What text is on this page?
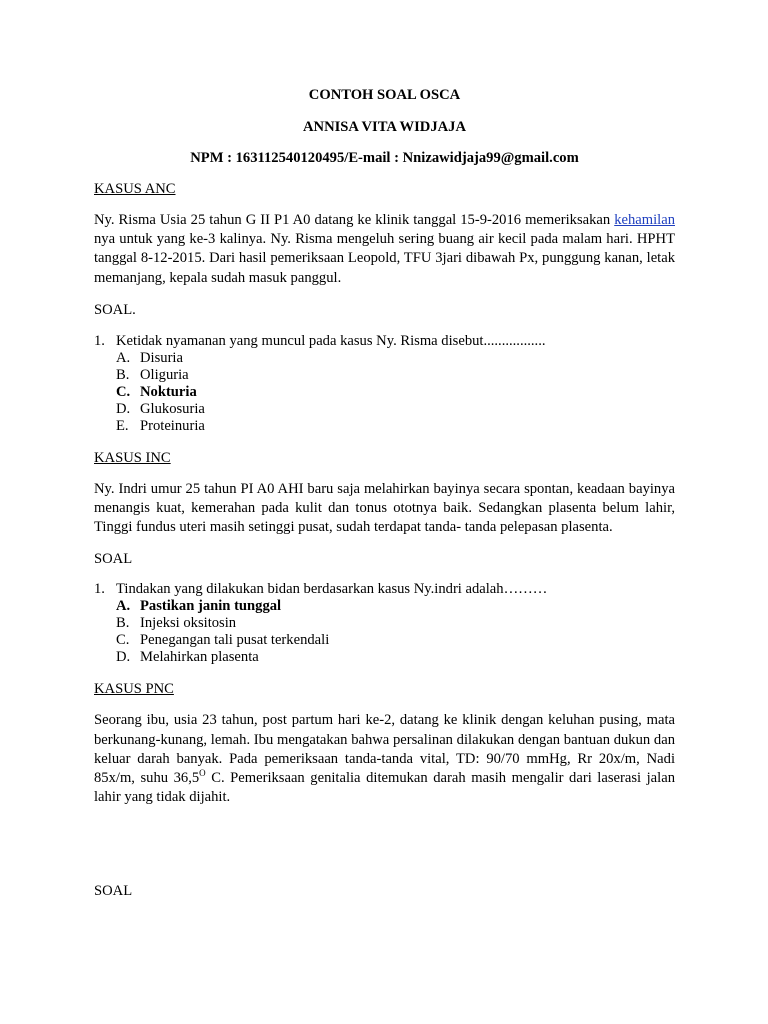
CONTOH SOAL OSCA
ANNISA VITA WIDJAJA
NPM : 163112540120495/E-mail : Nnizawidjaja99@gmail.com
KASUS ANC

Ny. Risma Usia 25 tahun G II P1 A0 datang ke klinik tanggal 15-9-2016 memeriksakan kehamilan nya untuk yang ke-3 kalinya. Ny. Risma mengeluh sering buang air kecil pada malam hari. HPHT tanggal 8-12-2015. Dari hasil pemeriksaan Leopold, TFU 3jari dibawah Px, punggung kanan, letak memanjang, kepala sudah masuk panggul.

SOAL.
1. Ketidak nyamanan yang muncul pada kasus Ny. Risma disebut.................
A. Disuria
B. Oliguria
C. Nokturia
D. Glukosuria
E. Proteinuria
KASUS INC

Ny. Indri umur 25 tahun PI A0 AHI baru saja melahirkan bayinya secara spontan, keadaan bayinya menangis kuat, kemerahan pada kulit dan tonus ototnya baik. Sedangkan plasenta belum lahir, Tinggi fundus uteri masih setinggi pusat, sudah terdapat tanda- tanda pelepasan plasenta.

SOAL
1. Tindakan yang dilakukan bidan berdasarkan kasus Ny.indri adalah………
A. Pastikan janin tunggal
B. Injeksi oksitosin
C. Penegangan tali pusat terkendali
D. Melahirkan plasenta
KASUS PNC

Seorang ibu, usia 23 tahun, post partum hari ke-2, datang ke klinik dengan keluhan pusing, mata berkunang-kunang, lemah. Ibu mengatakan bahwa persalinan dilakukan dengan bantuan dukun dan keluar darah banyak. Pada pemeriksaan tanda-tanda vital, TD: 90/70 mmHg, Rr 20x/m, Nadi 85x/m, suhu $36,5^O$ C. Pemeriksaan genitalia ditemukan darah masih mengalir dari laserasi jalan lahir yang tidak dijahit.

SOAL
